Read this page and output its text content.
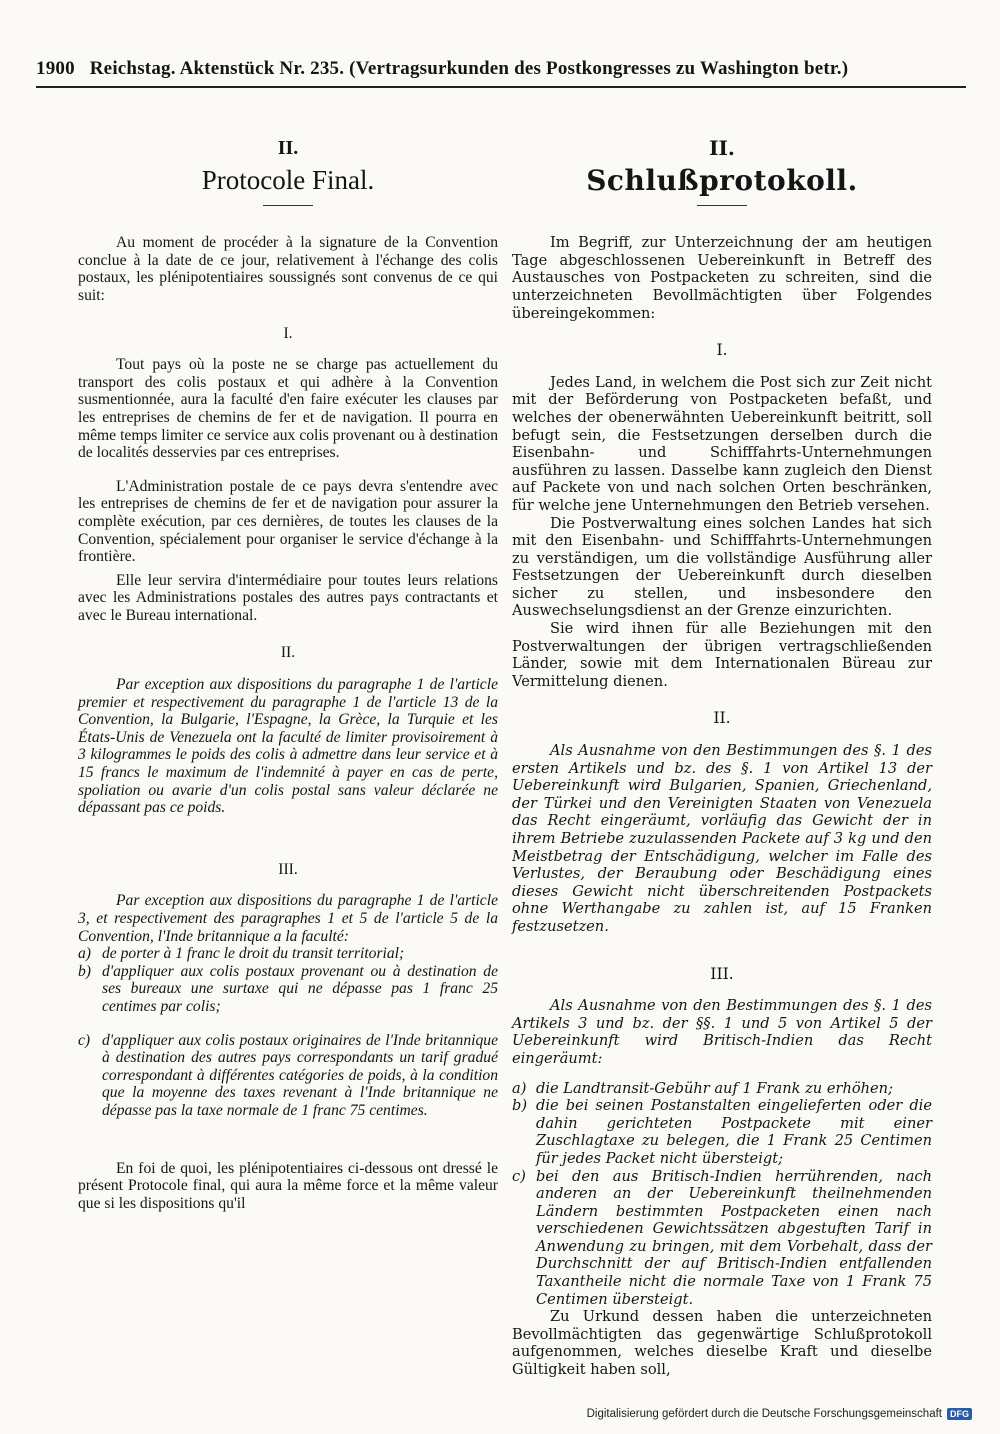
1900 Reichstag. Aktenstück Nr. 235. (Vertragsurkunden des Postkongresses zu Washington betr.)
II.
Protocole Final.

Au moment de procéder à la signature de la Convention conclue à la date de ce jour, relativement à l'échange des colis postaux, les plénipotentiaires soussignés sont convenus de ce qui suit:

I.

Tout pays où la poste ne se charge pas actuellement du transport des colis postaux et qui adhère à la Convention susmentionnée, aura la faculté d'en faire exécuter les clauses par les entreprises de chemins de fer et de navigation. Il pourra en même temps limiter ce service aux colis provenant ou à destination de localités desservies par ces entreprises.

L'Administration postale de ce pays devra s'entendre avec les entreprises de chemins de fer et de navigation pour assurer la complète exécution, par ces dernières, de toutes les clauses de la Convention, spécialement pour organiser le service d'échange à la frontière.

Elle leur servira d'intermédiaire pour toutes leurs relations avec les Administrations postales des autres pays contractants et avec le Bureau international.

II.

Par exception aux dispositions du paragraphe 1 de l'article premier et respectivement du paragraphe 1 de l'article 13 de la Convention, la Bulgarie, l'Espagne, la Grèce, la Turquie et les États-Unis de Venezuela ont la faculté de limiter provisoirement à 3 kilogrammes le poids des colis à admettre dans leur service et à 15 francs le maximum de l'indemnité à payer en cas de perte, spoliation ou avarie d'un colis postal sans valeur déclarée ne dépassant pas ce poids.

III.

Par exception aux dispositions du paragraphe 1 de l'article 3, et respectivement des paragraphes 1 et 5 de l'article 5 de la Convention, l'Inde britannique a la faculté:

a) de porter à 1 franc le droit du transit territorial;
b) d'appliquer aux colis postaux provenant ou à destination de ses bureaux une surtaxe qui ne dépasse pas 1 franc 25 centimes par colis;
c) d'appliquer aux colis postaux originaires de l'Inde britannique à destination des autres pays correspondants un tarif gradué correspondant à différentes catégories de poids, à la condition que la moyenne des taxes revenant à l'Inde britannique ne dépasse pas la taxe normale de 1 franc 75 centimes.

En foi de quoi, les plénipotentiaires ci-dessous ont dressé le présent Protocole final, qui aura la même force et la même valeur que si les dispositions qu'il

II.
Schlußprotokoll.

Im Begriff, zur Unterzeichnung der am heutigen Tage abgeschlossenen Uebereinkunft in Betreff des Austausches von Postpacketen zu schreiten, sind die unterzeichneten Bevollmächtigten über Folgendes übereingekommen:

I.

Jedes Land, in welchem die Post sich zur Zeit nicht mit der Beförderung von Postpacketen befaßt, und welches der obenerwähnten Uebereinkunft beitritt, soll befugt sein, die Festsetzungen derselben durch die Eisenbahn- und Schifffahrts-Unternehmungen ausführen zu lassen. Dasselbe kann zugleich den Dienst auf Packete von und nach solchen Orten beschränken, für welche jene Unternehmungen den Betrieb versehen.

Die Postverwaltung eines solchen Landes hat sich mit den Eisenbahn- und Schifffahrts-Unternehmungen zu verständigen, um die vollständige Ausführung aller Festsetzungen der Uebereinkunft durch dieselben sicher zu stellen, und insbesondere den Auswechselungsdienst an der Grenze einzurichten.

Sie wird ihnen für alle Beziehungen mit den Postverwaltungen der übrigen vertragschließenden Länder, sowie mit dem Internationalen Büreau zur Vermittelung dienen.

II.

Als Ausnahme von den Bestimmungen des §. 1 des ersten Artikels und bz. des §. 1 von Artikel 13 der Uebereinkunft wird Bulgarien, Spanien, Griechenland, der Türkei und den Vereinigten Staaten von Venezuela das Recht eingeräumt, vorläufig das Gewicht der in ihrem Betriebe zuzulassenden Packete auf 3 kg und den Meistbetrag der Entschädigung, welcher im Falle des Verlustes, der Beraubung oder Beschädigung eines dieses Gewicht nicht überschreitenden Postpackets ohne Werthangabe zu zahlen ist, auf 15 Franken festzusetzen.

III.

Als Ausnahme von den Bestimmungen des §. 1 des Artikels 3 und bz. der §§. 1 und 5 von Artikel 5 der Uebereinkunft wird Britisch-Indien das Recht eingeräumt:

a) die Landtransit-Gebühr auf 1 Frank zu erhöhen;
b) die bei seinen Postanstalten eingelieferten oder die dahin gerichteten Postpackete mit einer Zuschlagtaxe zu belegen, die 1 Frank 25 Centimen für jedes Packet nicht übersteigt;
c) bei den aus Britisch-Indien herrührenden, nach anderen an der Uebereinkunft theilnehmenden Ländern bestimmten Postpacketen einen nach verschiedenen Gewichtssätzen abgestuften Tarif in Anwendung zu bringen, mit dem Vorbehalt, dass der Durchschnitt der auf Britisch-Indien entfallenden Taxantheile nicht die normale Taxe von 1 Frank 75 Centimen übersteigt.

Zu Urkund dessen haben die unterzeichneten Bevollmächtigten das gegenwärtige Schlußprotokoll aufgenommen, welches dieselbe Kraft und dieselbe Gültigkeit haben soll,

Digitalisierung gefördert durch die Deutsche Forschungsgemeinschaft DFG
